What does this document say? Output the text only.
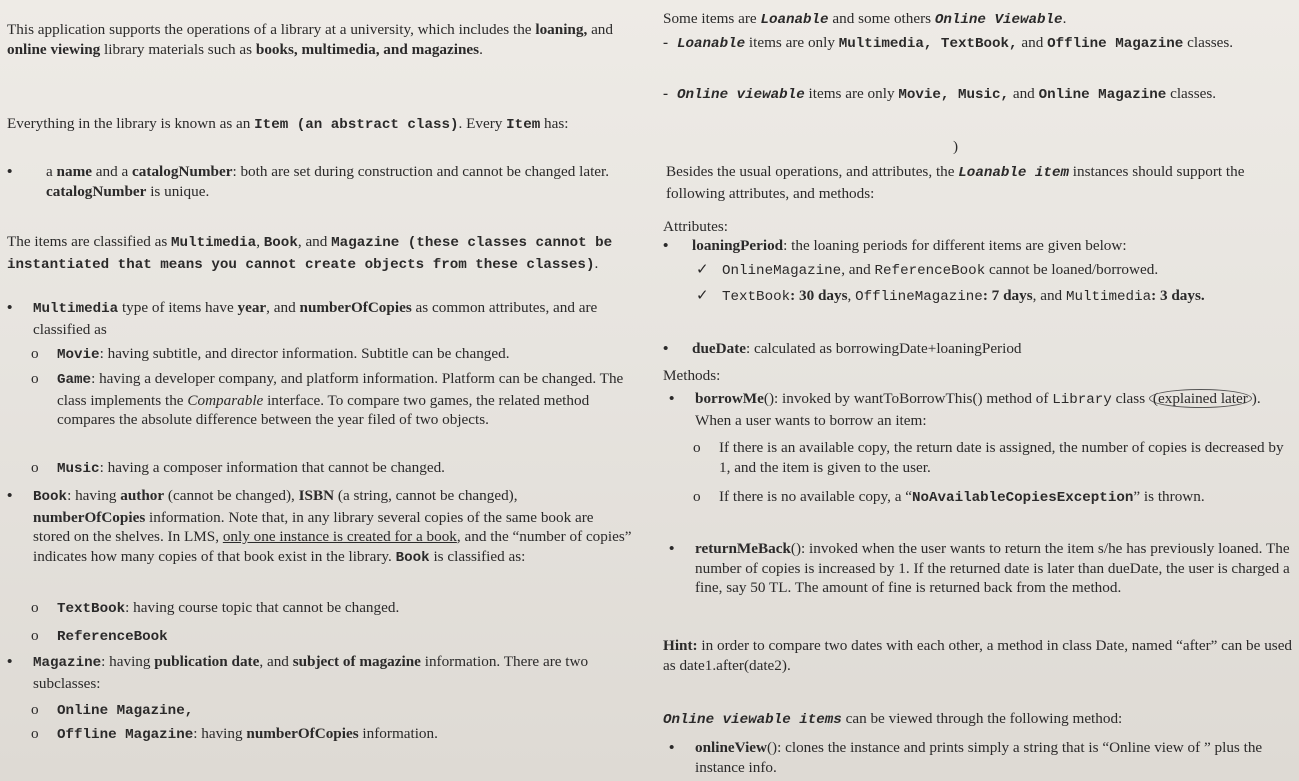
This application supports the operations of a library at a university, which includes the loaning, and online viewing library materials such as books, multimedia, and magazines.

Everything in the library is known as an Item (an abstract class). Every Item has:

•	a name and a catalogNumber: both are set during construction and cannot be changed later. catalogNumber is unique.

The items are classified as Multimedia, Book, and Magazine (these classes cannot be instantiated that means you cannot create objects from these classes).

•	Multimedia type of items have year, and numberOfCopies as common attributes, and are classified as

o	Movie: having subtitle, and director information. Subtitle can be changed.

o	Game: having a developer company, and platform information. Platform can be changed. The class implements the Comparable interface. To compare two games, the related method compares the absolute difference between the year filed of two objects.

o	Music: having a composer information that cannot be changed.

•	Book: having author (cannot be changed), ISBN (a string, cannot be changed), numberOfCopies information. Note that, in any library several copies of the same book are stored on the shelves. In LMS, only one instance is created for a book, and the “number of copies” indicates how many copies of that book exist in the library. Book is classified as:

o	TextBook: having course topic that cannot be changed.

o	ReferenceBook

•	Magazine: having publication date, and subject of magazine information. There are two subclasses:

o	Online Magazine,

o	Offline Magazine: having numberOfCopies information.

Some items are Loanable and some others Online Viewable.

- Loanable items are only Multimedia, TextBook, and Offline Magazine classes.

- Online viewable items are only Movie, Music, and Online Magazine classes.

)

Besides the usual operations, and attributes, the Loanable item instances should support the following attributes, and methods:

Attributes:

•	loaningPeriod: the loaning periods for different items are given below:

✓ OnlineMagazine, and ReferenceBook cannot be loaned/borrowed.

✓ TextBook: 30 days, OfflineMagazine: 7 days, and Multimedia: 3 days.

•	dueDate: calculated as borrowingDate+loaningPeriod

Methods:

•	borrowMe(): invoked by wantToBorrowThis() method of Library class (explained later ). When a user wants to borrow an item:

o	If there is an available copy, the return date is assigned, the number of copies is decreased by 1, and the item is given to the user.

o	If there is no available copy, a “NoAvailableCopiesException” is thrown.

•	returnMeBack(): invoked when the user wants to return the item s/he has previously loaned. The number of copies is increased by 1. If the returned date is later than dueDate, the user is charged a fine, say 50 TL. The amount of fine is returned back from the method.

Hint: in order to compare two dates with each other, a method in class Date, named “after” can be used as date1.after(date2).

Online viewable items can be viewed through the following method:

•	onlineView(): clones the instance and prints simply a string that is “Online view of ” plus the instance info.
